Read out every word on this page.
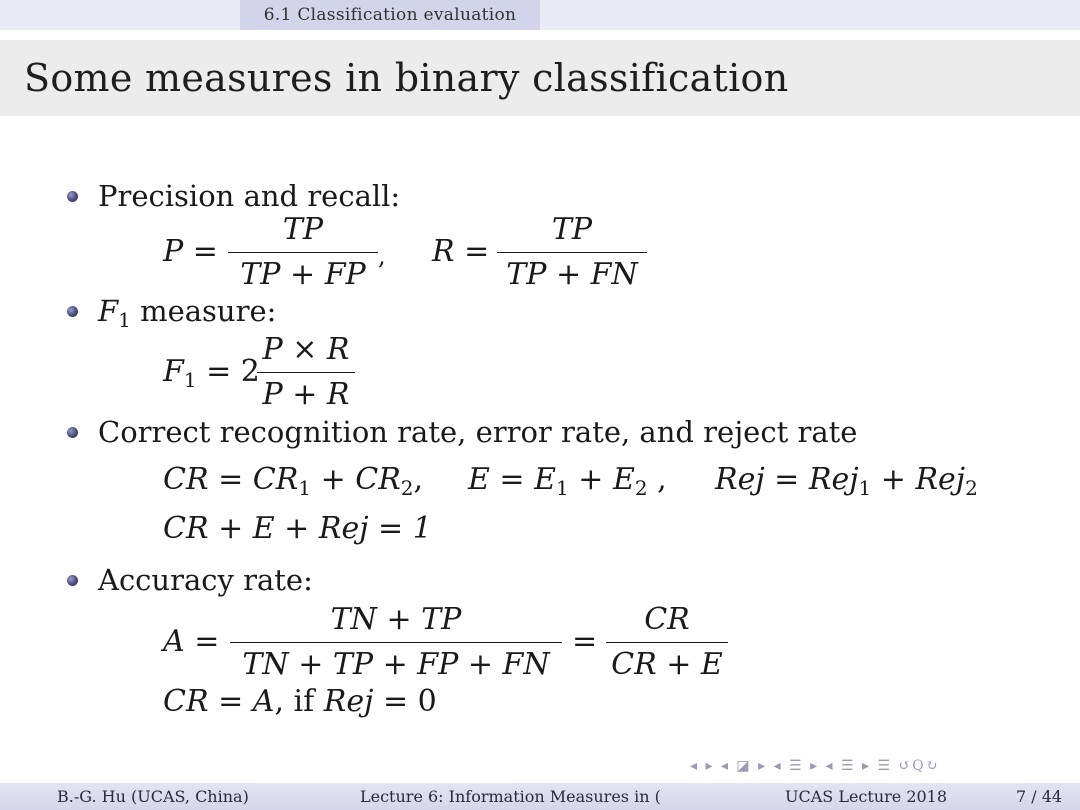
6.1 Classification evaluation
Some measures in binary classification
Precision and recall:
P =
TP
TP + FP
, R =
TP
TP + FN
$F_1$ measure:
$F_1 = 2$
P × R
P + R
Correct recognition rate, error rate, and reject rate
CR = $CR_1 + CR_2$, $E = E_1 + E_2$ , Rej = Rej$_1$ + Rej$_2$
CR + E + Rej = 1
Accuracy rate:
A =
TN + TP
TN + TP + FP + FN
=
CR
CR + E
CR = A, if Rej = 0
◂ ▸ ◂ ◪ ▸ ◂ ☰ ▸ ◂ ☰ ▸ ☰ ↺Q↻
B.-G. Hu (UCAS, China)	Lecture 6: Information Measures in (	UCAS Lecture 2018	7 / 44
